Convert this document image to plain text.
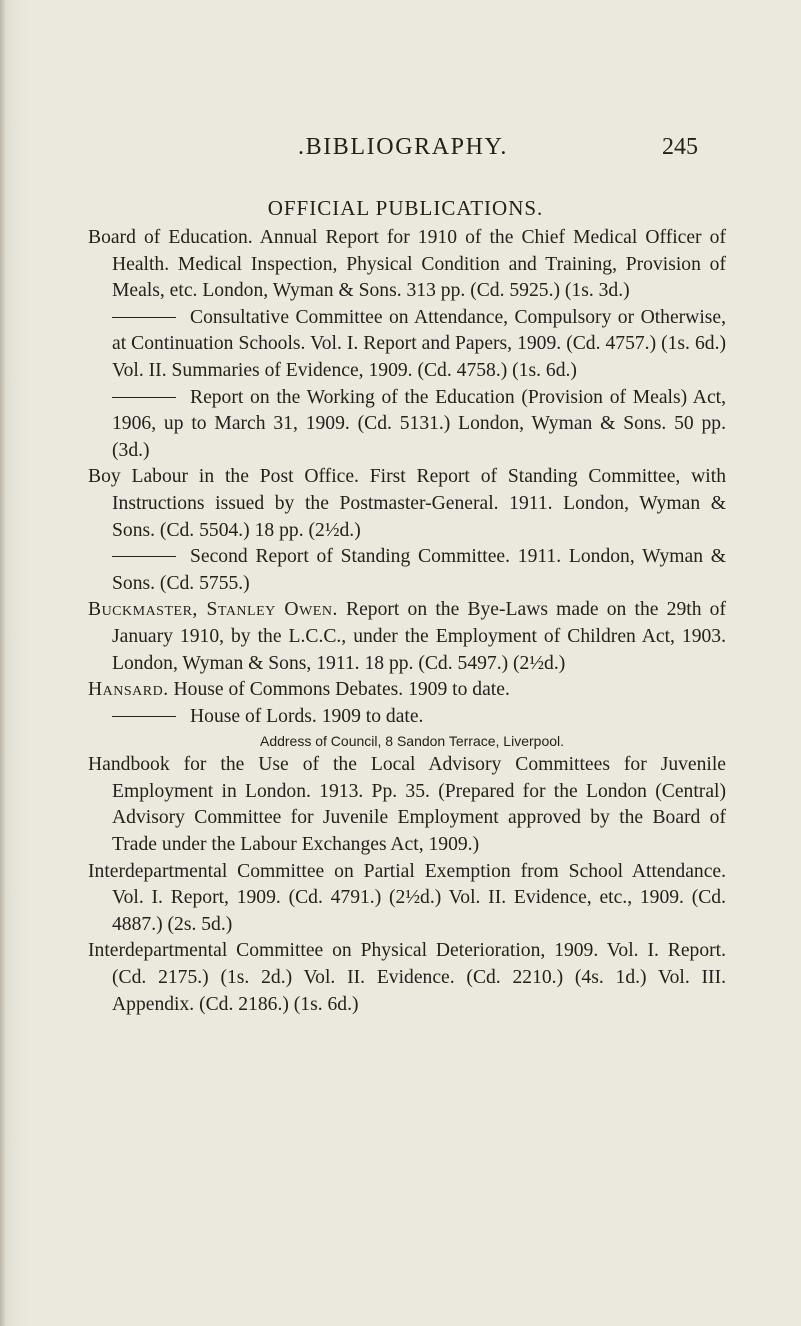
.BIBLIOGRAPHY.	245
OFFICIAL PUBLICATIONS.
Board of Education. Annual Report for 1910 of the Chief Medical Officer of Health. Medical Inspection, Physical Condition and Training, Provision of Meals, etc. London, Wyman & Sons. 313 pp. (Cd. 5925.) (1s. 3d.)
Consultative Committee on Attendance, Compulsory or Otherwise, at Continuation Schools. Vol. I. Report and Papers, 1909. (Cd. 4757.) (1s. 6d.) Vol. II. Summaries of Evidence, 1909. (Cd. 4758.) (1s. 6d.)
Report on the Working of the Education (Provision of Meals) Act, 1906, up to March 31, 1909. (Cd. 5131.) London, Wyman & Sons. 50 pp. (3d.)
Boy Labour in the Post Office. First Report of Standing Committee, with Instructions issued by the Postmaster-General. 1911. London, Wyman & Sons. (Cd. 5504.) 18 pp. (2½d.)
Second Report of Standing Committee. 1911. London, Wyman & Sons. (Cd. 5755.)
Buckmaster, Stanley Owen. Report on the Bye-Laws made on the 29th of January 1910, by the L.C.C., under the Employment of Children Act, 1903. London, Wyman & Sons, 1911. 18 pp. (Cd. 5497.) (2½d.)
Hansard. House of Commons Debates. 1909 to date.
House of Lords. 1909 to date.
Address of Council, 8 Sandon Terrace, Liverpool.
Handbook for the Use of the Local Advisory Committees for Juvenile Employment in London. 1913. Pp. 35. (Prepared for the London (Central) Advisory Committee for Juvenile Employment approved by the Board of Trade under the Labour Exchanges Act, 1909.)
Interdepartmental Committee on Partial Exemption from School Attendance. Vol. I. Report, 1909. (Cd. 4791.) (2½d.) Vol. II. Evidence, etc., 1909. (Cd. 4887.) (2s. 5d.)
Interdepartmental Committee on Physical Deterioration, 1909. Vol. I. Report. (Cd. 2175.) (1s. 2d.) Vol. II. Evidence. (Cd. 2210.) (4s. 1d.) Vol. III. Appendix. (Cd. 2186.) (1s. 6d.)
